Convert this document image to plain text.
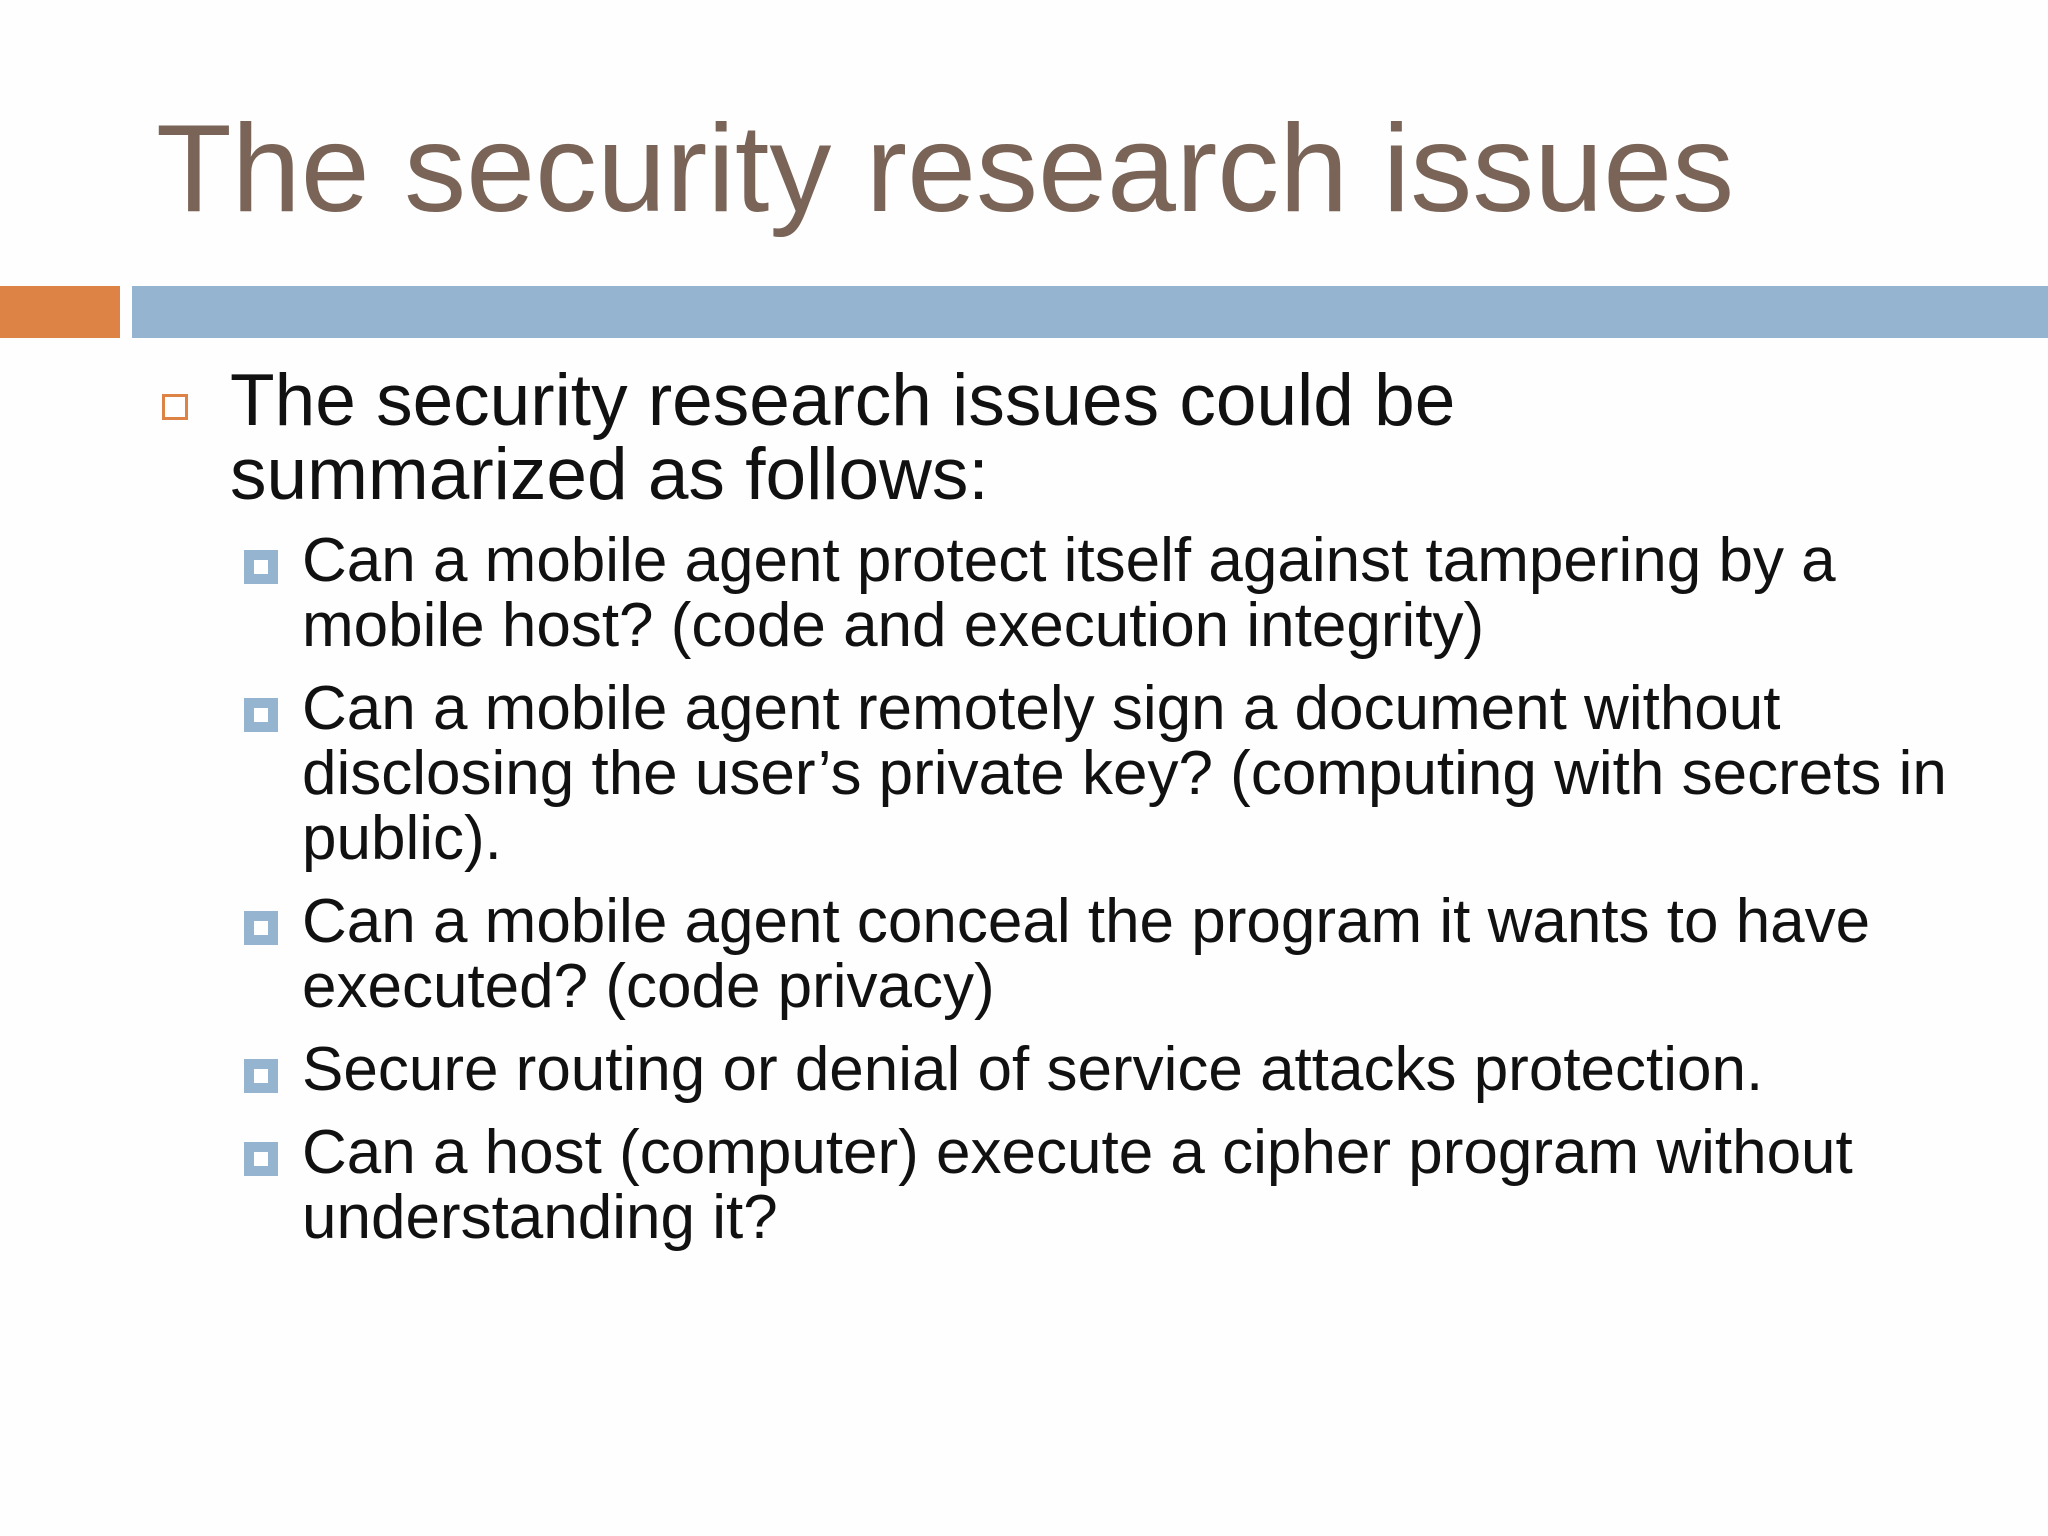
The security research issues
The security research issues could be summarized as follows:
Can a mobile agent protect itself against tampering by a mobile host? (code and execution integrity)
Can a mobile agent remotely sign a document without disclosing the user’s private key? (computing with secrets in public).
Can a mobile agent conceal the program it wants to have executed? (code privacy)
Secure routing or denial of service attacks protection.
Can a host (computer) execute a cipher program without understanding it?
